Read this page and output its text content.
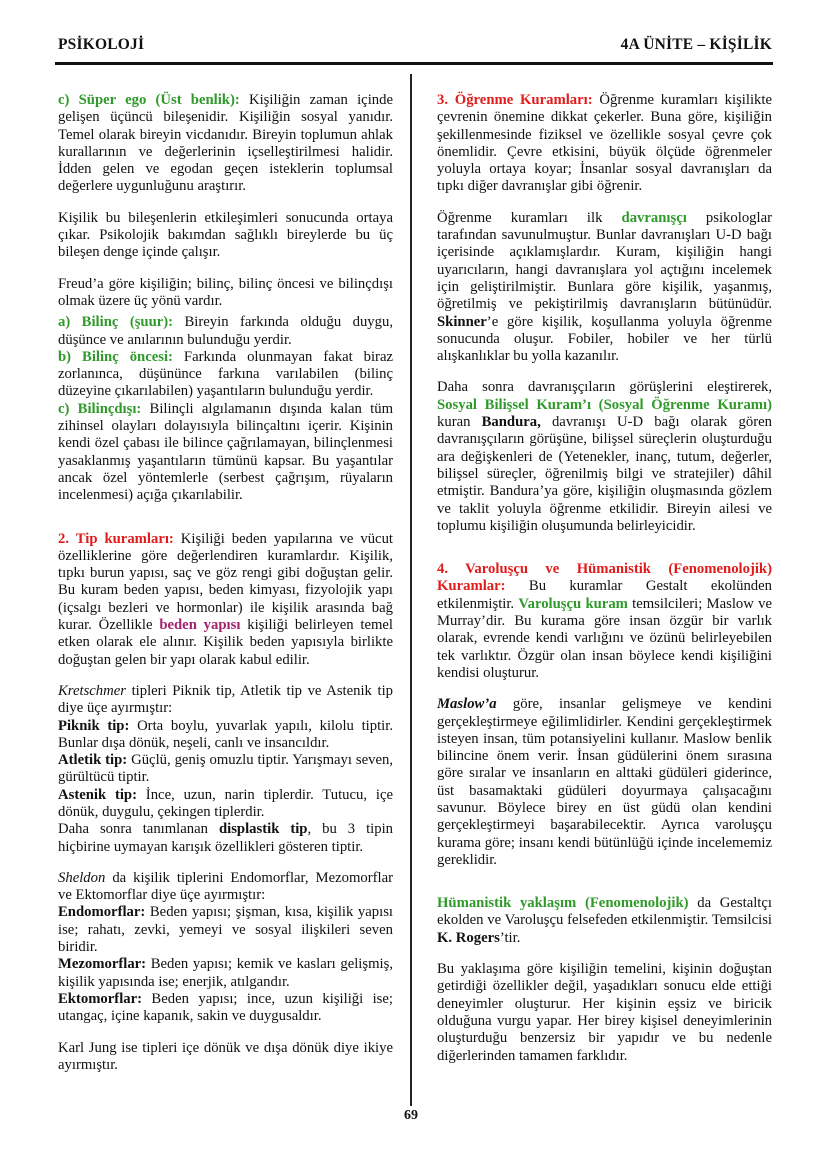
PSİKOLOJİ	4A ÜNİTE – KİŞİLİK

c) Süper ego (Üst benlik): Kişiliğin zaman içinde gelişen üçüncü bileşenidir. Kişiliğin sosyal yanıdır. Temel olarak bireyin vicdanıdır. Bireyin toplumun ahlak kurallarının ve değerlerinin içselleştirilmesi halidir. İdden gelen ve egodan geçen isteklerin toplumsal değerlere uygunluğunu araştırır.

Kişilik bu bileşenlerin etkileşimleri sonucunda ortaya çıkar. Psikolojik bakımdan sağlıklı bireylerde bu üç bileşen denge içinde çalışır.

Freud’a göre kişiliğin; bilinç, bilinç öncesi ve bilinçdışı olmak üzere üç yönü vardır.

a) Bilinç (şuur): Bireyin farkında olduğu duygu, düşünce ve anılarının bulunduğu yerdir.

b) Bilinç öncesi: Farkında olunmayan fakat biraz zorlanınca, düşününce farkına varılabilen (bilinç düzeyine çıkarılabilen) yaşantıların bulunduğu yerdir.

c) Bilinçdışı: Bilinçli algılamanın dışında kalan tüm zihinsel olayları dolayısıyla bilinçaltını içerir. Kişinin kendi özel çabası ile bilince çağrılamayan, bilinçlenmesi yasaklanmış yaşantıların tümünü kapsar. Bu yaşantılar ancak özel yöntemlerle (serbest çağrışım, rüyaların incelenmesi) açığa çıkarılabilir.

2. Tip kuramları: Kişiliği beden yapılarına ve vücut özelliklerine göre değerlendiren kuramlardır. Kişilik, tıpkı burun yapısı, saç ve göz rengi gibi doğuştan gelir. Bu kuram beden yapısı, beden kimyası, fizyolojik yapı (içsalgı bezleri ve hormonlar) ile kişilik arasında bağ kurar. Özellikle beden yapısı kişiliği belirleyen temel etken olarak ele alınır. Kişilik beden yapısıyla birlikte doğuştan gelen bir yapı olarak kabul edilir.

Kretschmer tipleri Piknik tip, Atletik tip ve Astenik tip diye üçe ayırmıştır:

Piknik tip: Orta boylu, yuvarlak yapılı, kilolu tiptir. Bunlar dışa dönük, neşeli, canlı ve insancıldır.

Atletik tip: Güçlü, geniş omuzlu tiptir. Yarışmayı seven, gürültücü tiptir.

Astenik tip: İnce, uzun, narin tiplerdir. Tutucu, içe dönük, duygulu, çekingen tiplerdir.

Daha sonra tanımlanan displastik tip, bu 3 tipin hiçbirine uymayan karışık özellikleri gösteren tiptir.

Sheldon da kişilik tiplerini Endomorflar, Mezomorflar ve Ektomorflar diye üçe ayırmıştır:

Endomorflar: Beden yapısı; şişman, kısa, kişilik yapısı ise; rahatı, zevki, yemeyi ve sosyal ilişkileri seven biridir.

Mezomorflar: Beden yapısı; kemik ve kasları gelişmiş, kişilik yapısında ise; enerjik, atılgandır.

Ektomorflar: Beden yapısı; ince, uzun kişiliği ise; utangaç, içine kapanık, sakin ve duygusaldır.

Karl Jung ise tipleri içe dönük ve dışa dönük diye ikiye ayırmıştır.

3. Öğrenme Kuramları: Öğrenme kuramları kişilikte çevrenin önemine dikkat çekerler. Buna göre, kişiliğin şekillenmesinde fiziksel ve özellikle sosyal çevre çok önemlidir. Çevre etkisini, büyük ölçüde öğrenmeler yoluyla ortaya koyar; İnsanlar sosyal davranışları da tıpkı diğer davranışlar gibi öğrenir.

Öğrenme kuramları ilk davranışçı psikologlar tarafından savunulmuştur. Bunlar davranışları U-D bağı içerisinde açıklamışlardır. Kuram, kişiliğin hangi uyarıcıların, hangi davranışlara yol açtığını incelemek için geliştirilmiştir. Bunlara göre kişilik, yaşanmış, öğretilmiş ve pekiştirilmiş davranışların bütünüdür. Skinner’e göre kişilik, koşullanma yoluyla öğrenme sonucunda oluşur. Fobiler, hobiler ve her türlü alışkanlıklar bu yolla kazanılır.

Daha sonra davranışçıların görüşlerini eleştirerek, Sosyal Bilişsel Kuram’ı (Sosyal Öğrenme Kuramı) kuran Bandura, davranışı U-D bağı olarak gören davranışçıların görüşüne, bilişsel süreçlerin oluşturduğu ara değişkenleri de (Yetenekler, inanç, tutum, değerler, bilişsel süreçler, öğrenilmiş bilgi ve stratejiler) dâhil etmiştir. Bandura’ya göre, kişiliğin oluşmasında gözlem ve taklit yoluyla öğrenme etkilidir. Bireyin ailesi ve toplumu kişiliğin oluşumunda belirleyicidir.

4. Varoluşçu ve Hümanistik (Fenomenolojik) Kuramlar: Bu kuramlar Gestalt ekolünden etkilenmiştir. Varoluşçu kuram temsilcileri; Maslow ve Murray’dir. Bu kurama göre insan özgür bir varlık olarak, evrende kendi varlığını ve özünü belirleyebilen tek varlıktır. Özgür olan insan böylece kendi kişiliğini kendisi oluşturur.

Maslow’a göre, insanlar gelişmeye ve kendini gerçekleştirmeye eğilimlidirler. Kendini gerçekleştirmek isteyen insan, tüm potansiyelini kullanır. Maslow benlik bilincine önem verir. İnsan güdülerini önem sırasına göre sıralar ve insanların en alttaki güdüleri giderince, üst basamaktaki güdüleri doyurmaya çalışacağını savunur. Böylece birey en üst güdü olan kendini gerçekleştirmeyi başarabilecektir. Ayrıca varoluşçu kurama göre; insanı kendi bütünlüğü içinde incelememiz gereklidir.

Hümanistik yaklaşım (Fenomenolojik) da Gestaltçı ekolden ve Varoluşçu felsefeden etkilenmiştir. Temsilcisi K. Rogers’tir.

Bu yaklaşıma göre kişiliğin temelini, kişinin doğuştan getirdiği özellikler değil, yaşadıkları sonucu elde ettiği deneyimler oluşturur. Her kişinin eşsiz ve biricik olduğuna vurgu yapar. Her birey kişisel deneyimlerinin oluşturduğu benzersiz bir yapıdır ve bu nedenle diğerlerinden tamamen farklıdır.

69
